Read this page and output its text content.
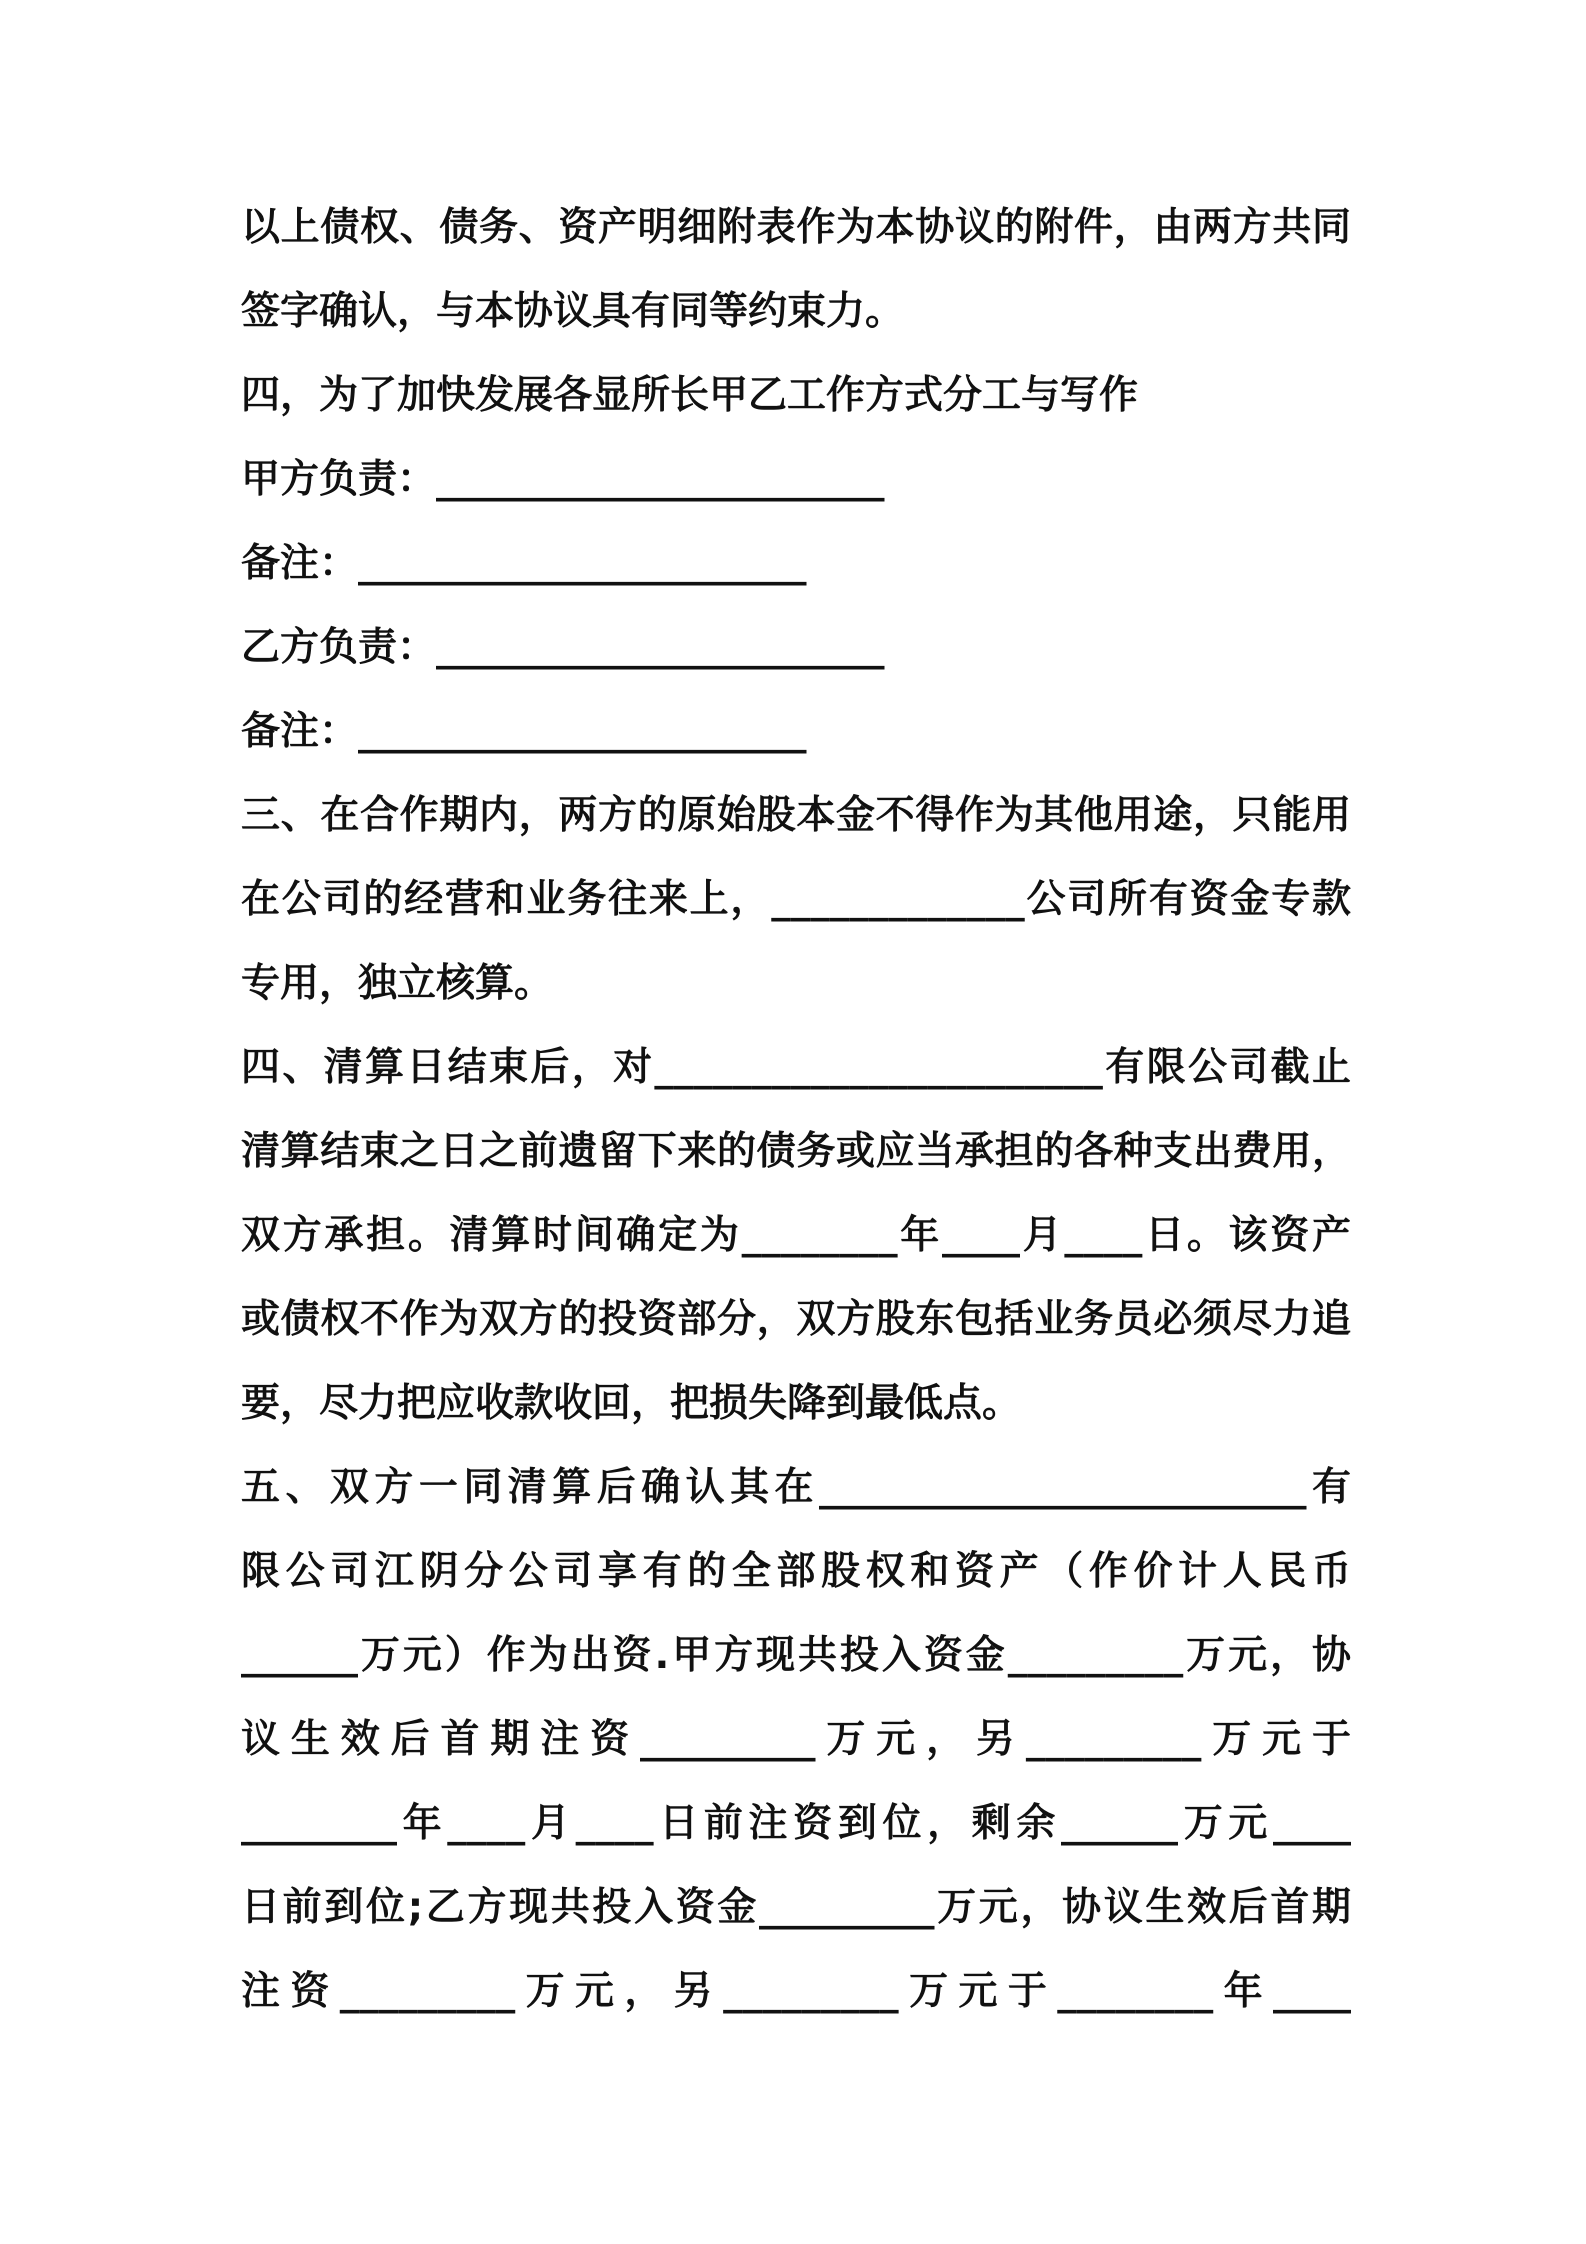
以上债权、债务、资产明细附表作为本协议的附件，由两方共同
签字确认，与本协议具有同等约束力。
四，为了加快发展各显所长甲乙工作方式分工与写作
甲方负责：_______________________
备注：_______________________
乙方负责：_______________________
备注：_______________________
三、在合作期内，两方的原始股本金不得作为其他用途，只能用
在公司的经营和业务往来上，_____________公司所有资金专款
专用，独立核算。
四、清算日结束后，对_______________________有限公司截止
清算结束之日之前遗留下来的债务或应当承担的各种支出费用，
双方承担。清算时间确定为________年____月____日。该资产
或债权不作为双方的投资部分，双方股东包括业务员必须尽力追
要，尽力把应收款收回，把损失降到最低点。
五、双方一同清算后确认其在_________________________有
限公司江阴分公司享有的全部股权和资产（作价计人民币
______万元）作为出资.甲方现共投入资金_________万元，协
议生效后首期注资_________万元，另_________万元于
________年____月____日前注资到位，剩余______万元____
日前到位;乙方现共投入资金_________万元，协议生效后首期
注资_________万元，另_________万元于________年____
